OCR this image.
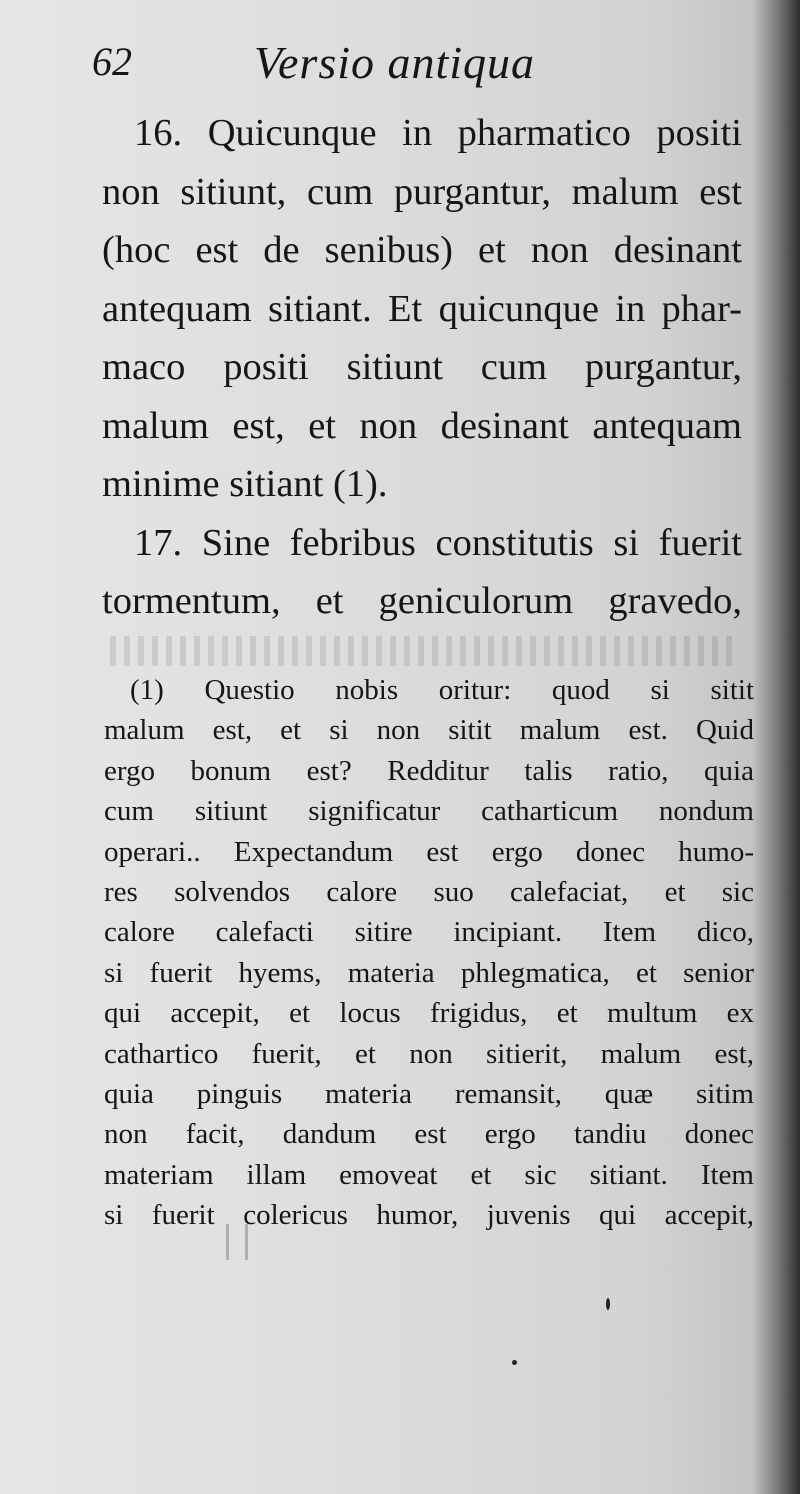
62	Versio antiqua
16. Quicunque in pharmatico positi
non sitiunt, cum purgantur, malum est
(hoc est de senibus) et non desinant
antequam sitiant. Et quicunque in phar-
maco positi sitiunt cum purgantur,
malum est, et non desinant antequam
minime sitiant (1).
17. Sine febribus constitutis si fuerit
tormentum, et geniculorum gravedo,
(1) Questio nobis oritur: quod si sitit
malum est, et si non sitit malum est. Quid
ergo bonum est? Redditur talis ratio, quia
cum sitiunt significatur catharticum nondum
operari.. Expectandum est ergo donec humo-
res solvendos calore suo calefaciat, et sic
calore calefacti sitire incipiant. Item dico,
si fuerit hyems, materia phlegmatica, et senior
qui accepit, et locus frigidus, et multum ex
cathartico fuerit, et non sitierit, malum est,
quia pinguis materia remansit, quæ sitim
non facit, dandum est ergo tandiu donec
materiam illam emoveat et sic sitiant. Item
si fuerit colericus humor, juvenis qui accepit,
